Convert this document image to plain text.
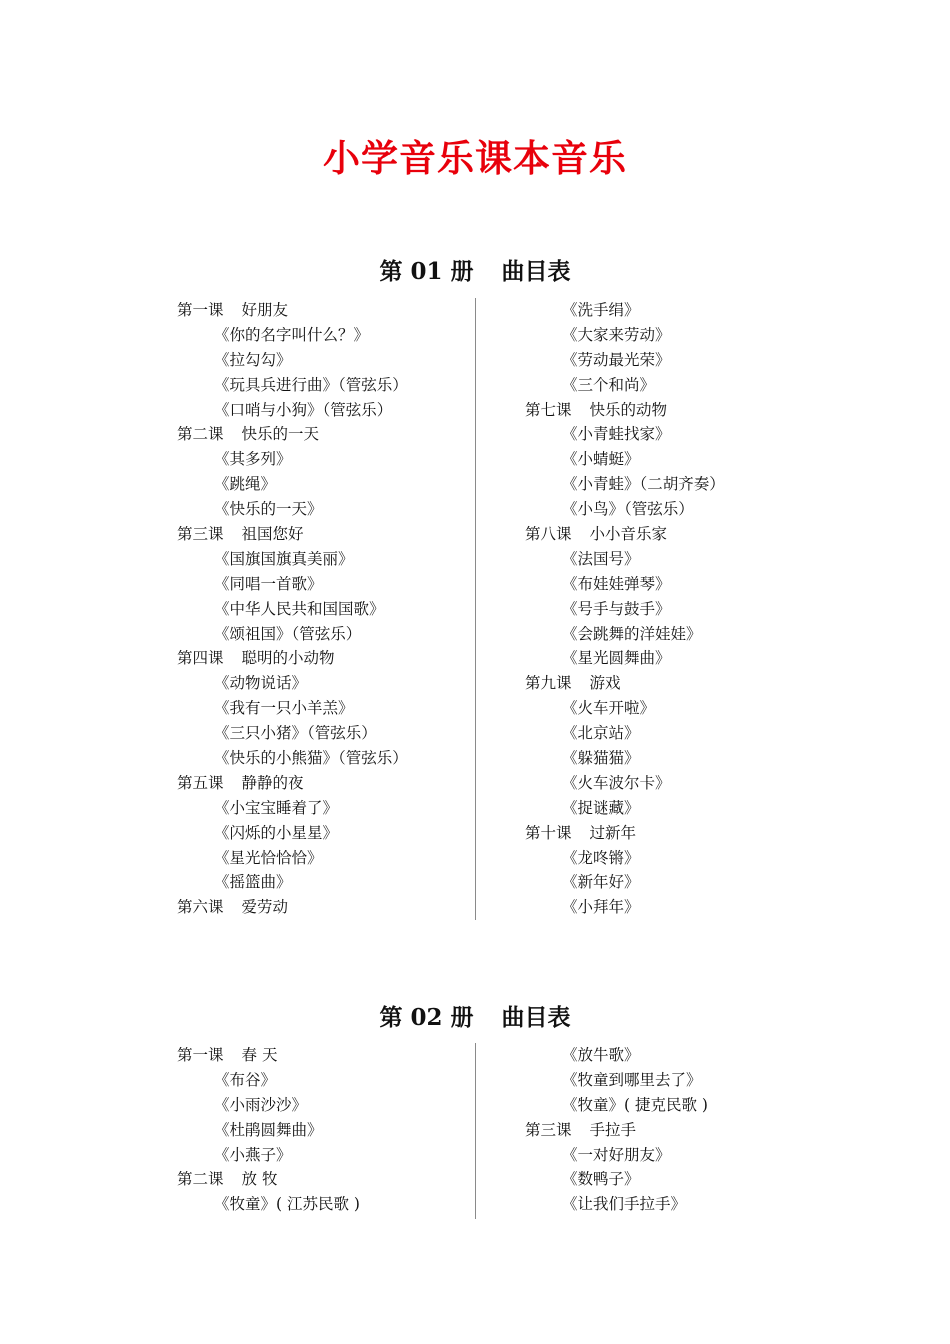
小学音乐课本音乐
第 01 册 曲目表
第一课 好朋友
《你的名字叫什么？》
《拉勾勾》
《玩具兵进行曲》（管弦乐）
《口哨与小狗》（管弦乐）
第二课 快乐的一天
《其多列》
《跳绳》
《快乐的一天》
第三课 祖国您好
《国旗国旗真美丽》
《同唱一首歌》
《中华人民共和国国歌》
《颂祖国》（管弦乐）
第四课 聪明的小动物
《动物说话》
《我有一只小羊羔》
《三只小猪》（管弦乐）
《快乐的小熊猫》（管弦乐）
第五课 静静的夜
《小宝宝睡着了》
《闪烁的小星星》
《星光恰恰恰》
《摇篮曲》
第六课 爱劳动
《洗手绢》
《大家来劳动》
《劳动最光荣》
《三个和尚》
第七课 快乐的动物
《小青蛙找家》
《小蜻蜓》
《小青蛙》（二胡齐奏）
《小鸟》（管弦乐）
第八课 小小音乐家
《法国号》
《布娃娃弹琴》
《号手与鼓手》
《会跳舞的洋娃娃》
《星光圆舞曲》
第九课 游戏
《火车开啦》
《北京站》
《躲猫猫》
《火车波尔卡》
《捉谜藏》
第十课 过新年
《龙咚锵》
《新年好》
《小拜年》
第 02 册 曲目表
第一课 春 天
《布谷》
《小雨沙沙》
《杜鹃圆舞曲》
《小燕子》
第二课 放 牧
《牧童》( 江苏民歌 )
《放牛歌》
《牧童到哪里去了》
《牧童》( 捷克民歌 )
第三课 手拉手
《一对好朋友》
《数鸭子》
《让我们手拉手》
